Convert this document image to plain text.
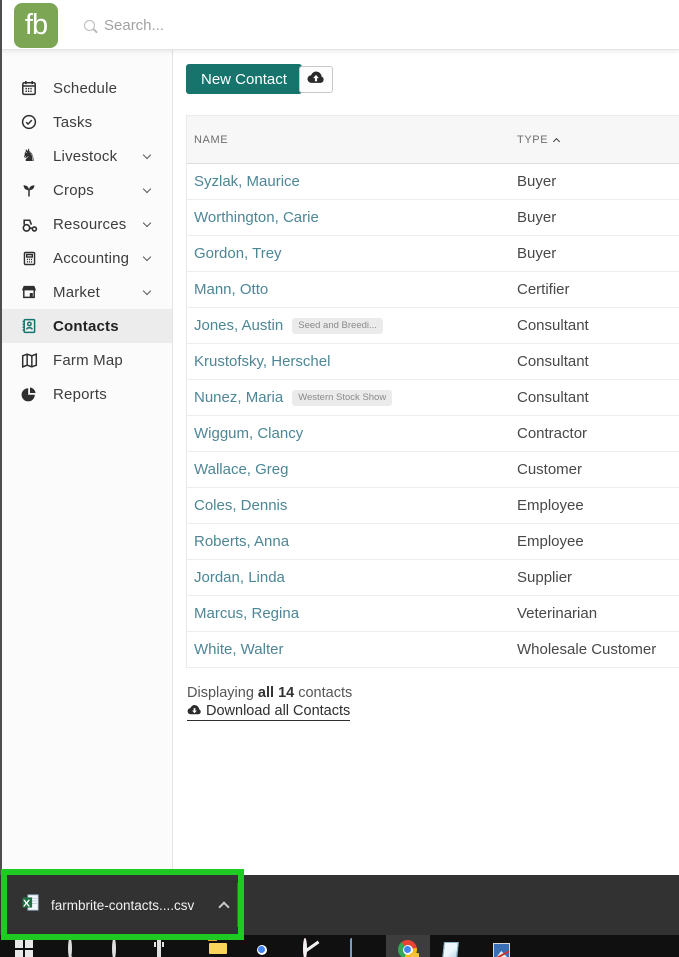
fb
Search...
Schedule
Tasks
♞ Livestock
Crops
Resources
Accounting
Market
Contacts
Farm Map
Reports
New Contact
NAME	TYPE
Syzlak, Maurice	Buyer
Worthington, Carie	Buyer
Gordon, Trey	Buyer
Mann, Otto	Certifier
Jones, Austin	Seed and Breedi...	Consultant
Krustofsky, Herschel	Consultant
Nunez, Maria	Western Stock Show	Consultant
Wiggum, Clancy	Contractor
Wallace, Greg	Customer
Coles, Dennis	Employee
Roberts, Anna	Employee
Jordan, Linda	Supplier
Marcus, Regina	Veterinarian
White, Walter	Wholesale Customer
Displaying all 14 contacts
Download all Contacts
farmbrite-contacts....csv
